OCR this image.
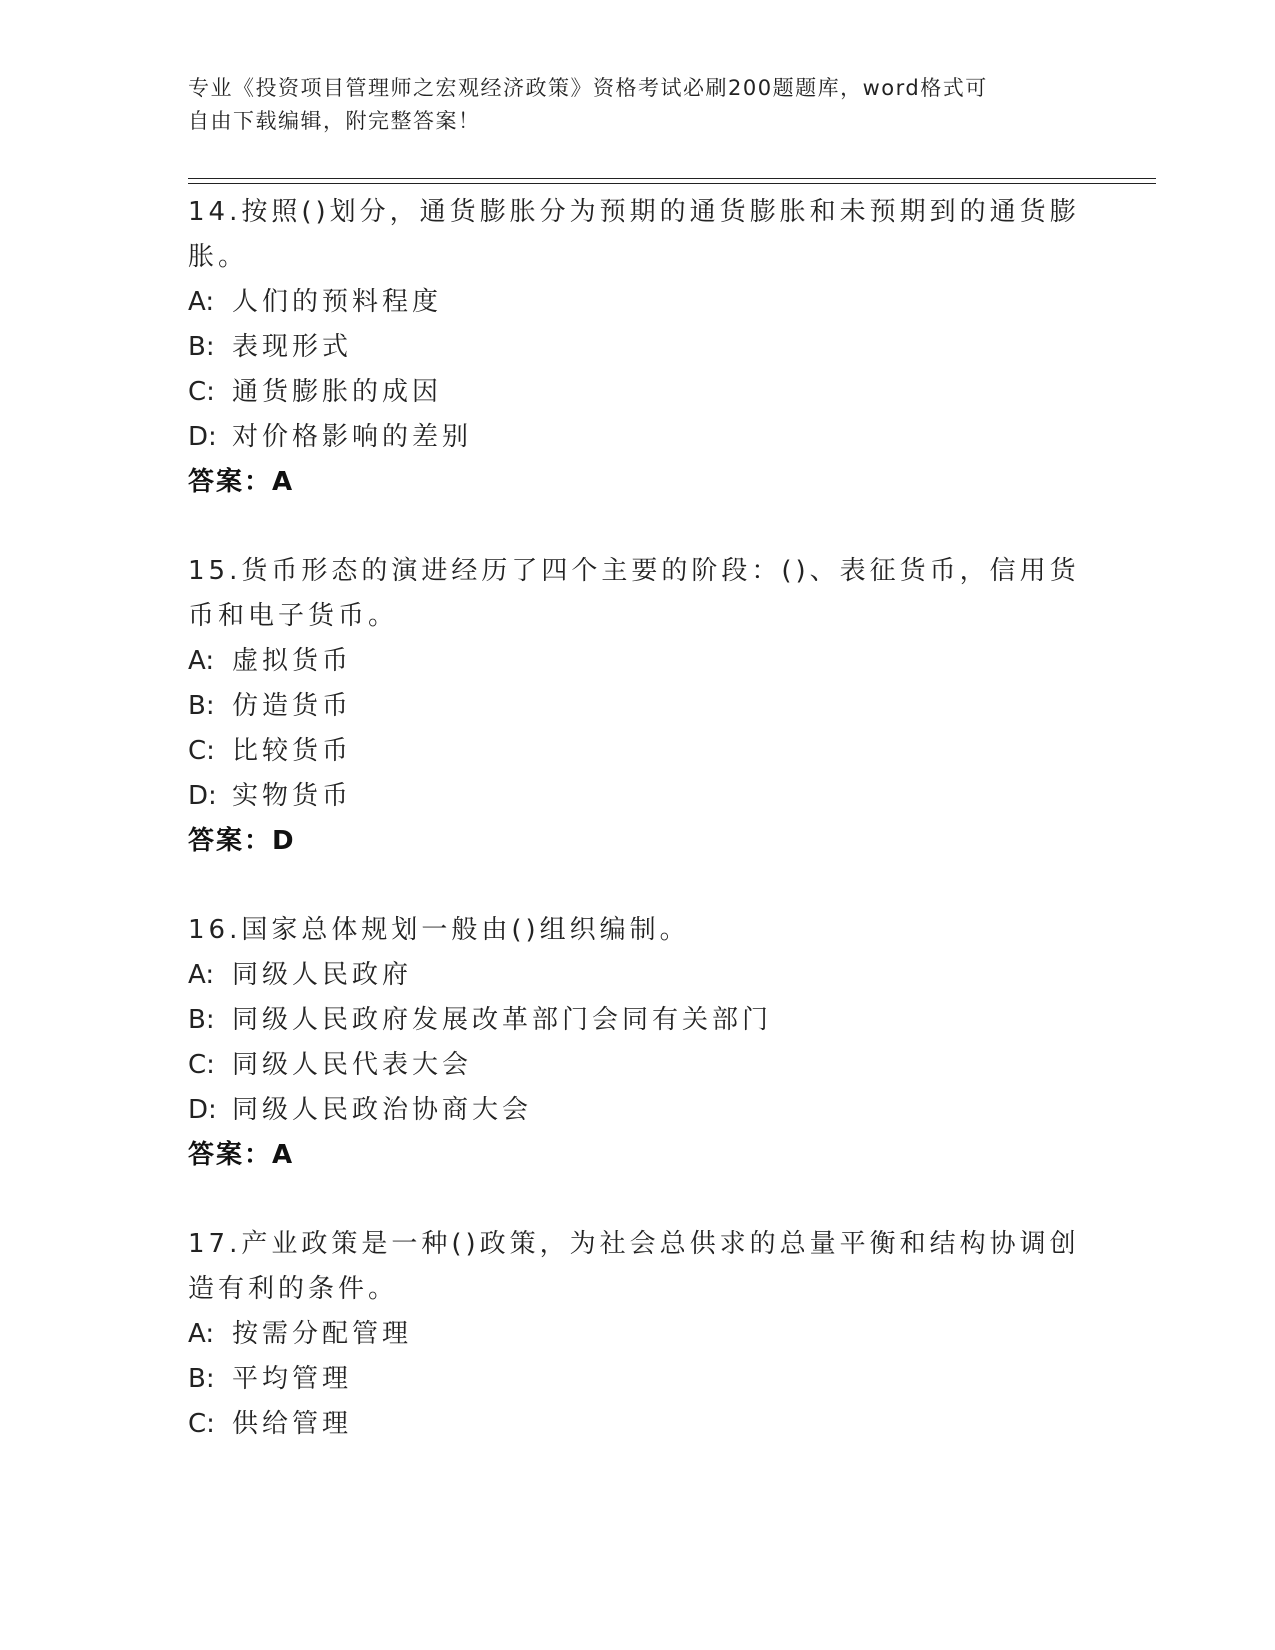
专业《投资项目管理师之宏观经济政策》资格考试必刷200题题库，word格式可
自由下载编辑，附完整答案！
14.按照()划分，通货膨胀分为预期的通货膨胀和未预期到的通货膨胀。
A: 人们的预料程度
B: 表现形式
C: 通货膨胀的成因
D: 对价格影响的差别
答案：A
15.货币形态的演进经历了四个主要的阶段：()、表征货币，信用货币和电子货币。
A: 虚拟货币
B: 仿造货币
C: 比较货币
D: 实物货币
答案：D
16.国家总体规划一般由()组织编制。
A: 同级人民政府
B: 同级人民政府发展改革部门会同有关部门
C: 同级人民代表大会
D: 同级人民政治协商大会
答案：A
17.产业政策是一种()政策，为社会总供求的总量平衡和结构协调创造有利的条件。
A: 按需分配管理
B: 平均管理
C: 供给管理
